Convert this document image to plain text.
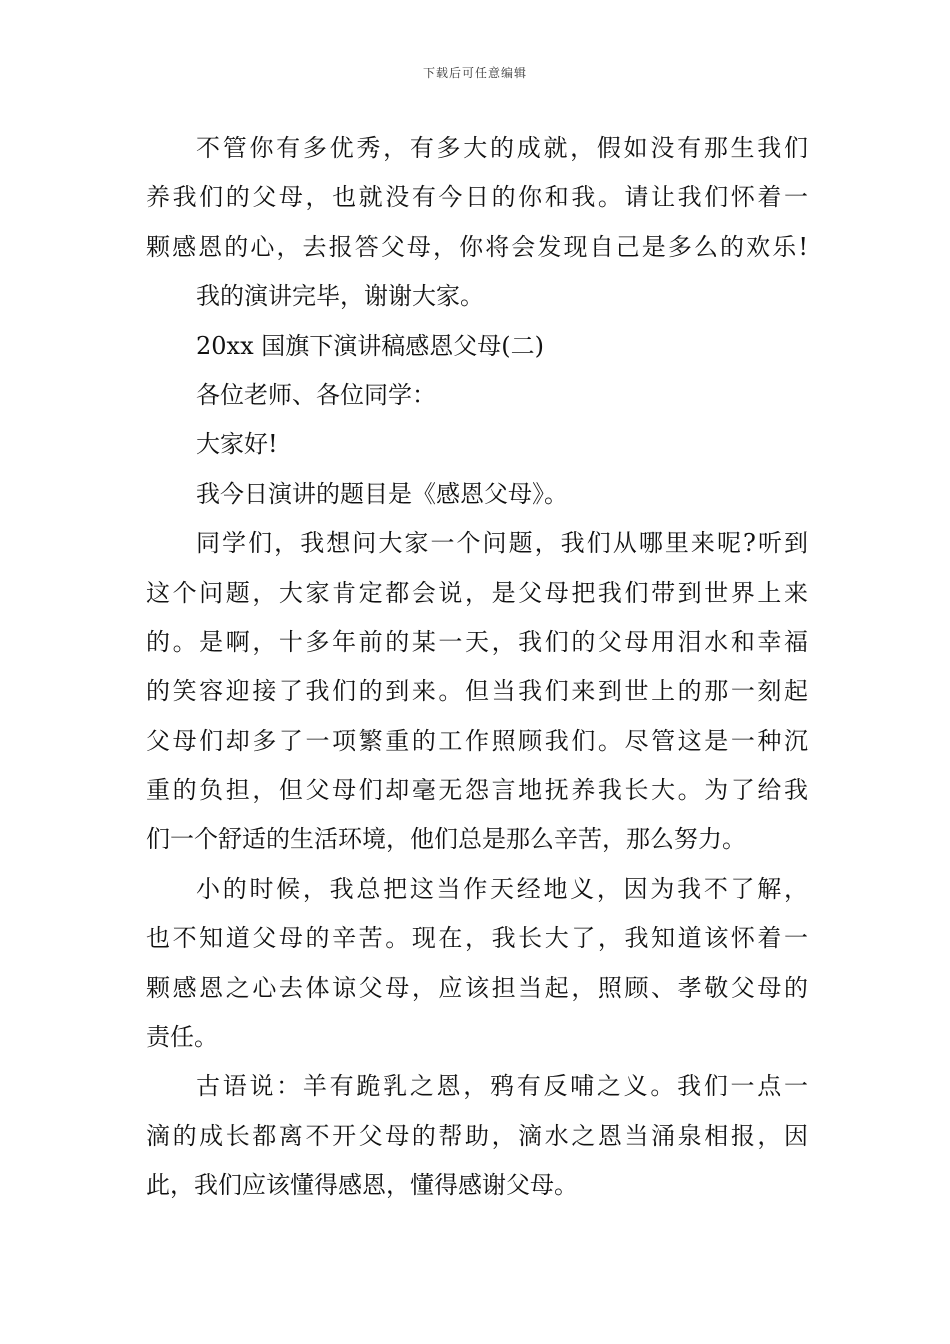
下载后可任意编辑
不管你有多优秀，有多大的成就，假如没有那生我们
养我们的父母，也就没有今日的你和我。请让我们怀着一
颗感恩的心，去报答父母，你将会发现自己是多么的欢乐!
我的演讲完毕，谢谢大家。
20xx 国旗下演讲稿感恩父母(二)
各位老师、各位同学：
大家好!
我今日演讲的题目是《感恩父母》。
同学们，我想问大家一个问题，我们从哪里来呢?听到
这个问题，大家肯定都会说，是父母把我们带到世界上来
的。是啊，十多年前的某一天，我们的父母用泪水和幸福
的笑容迎接了我们的到来。但当我们来到世上的那一刻起
父母们却多了一项繁重的工作照顾我们。尽管这是一种沉
重的负担，但父母们却毫无怨言地抚养我长大。为了给我
们一个舒适的生活环境，他们总是那么辛苦，那么努力。
小的时候，我总把这当作天经地义，因为我不了解，
也不知道父母的辛苦。现在，我长大了，我知道该怀着一
颗感恩之心去体谅父母，应该担当起，照顾、孝敬父母的
责任。
古语说：羊有跪乳之恩，鸦有反哺之义。我们一点一
滴的成长都离不开父母的帮助，滴水之恩当涌泉相报，因
此，我们应该懂得感恩，懂得感谢父母。
